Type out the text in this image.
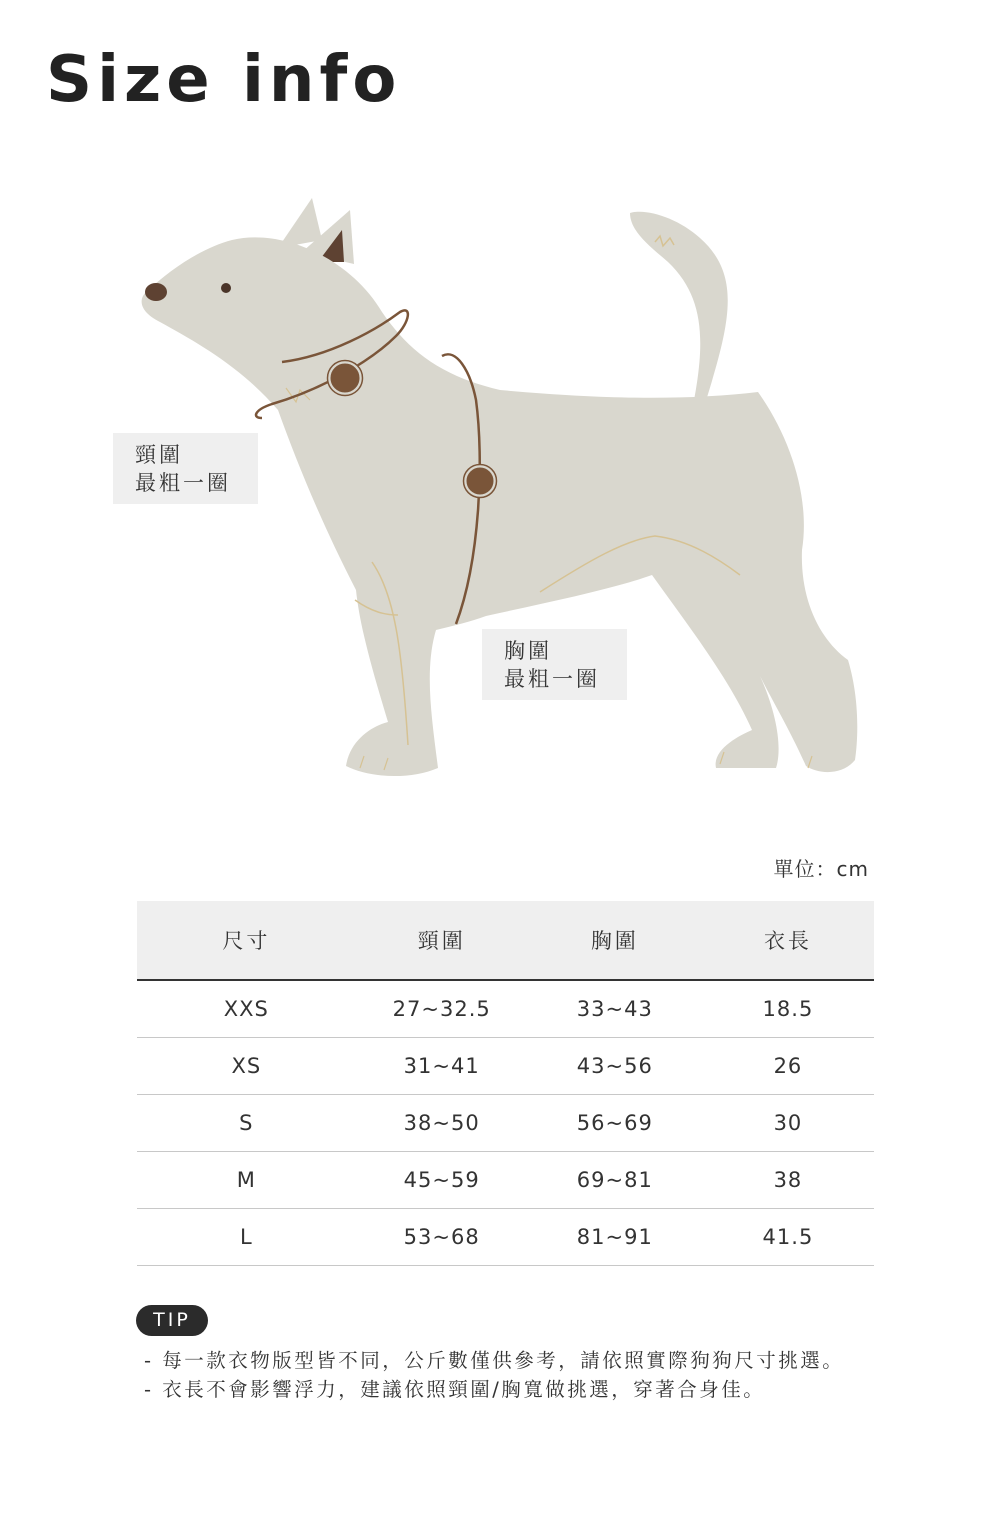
Size info
頸圍
最粗一圈
胸圍
最粗一圈
單位：cm
尺寸	頸圍	胸圍	衣長
XXS	27~32.5	33~43	18.5
XS	31~41	43~56	26
S	38~50	56~69	30
M	45~59	69~81	38
L	53~68	81~91	41.5
TIP
- 每一款衣物版型皆不同，公斤數僅供參考，請依照實際狗狗尺寸挑選。
- 衣長不會影響浮力，建議依照頸圍/胸寬做挑選，穿著合身佳。
